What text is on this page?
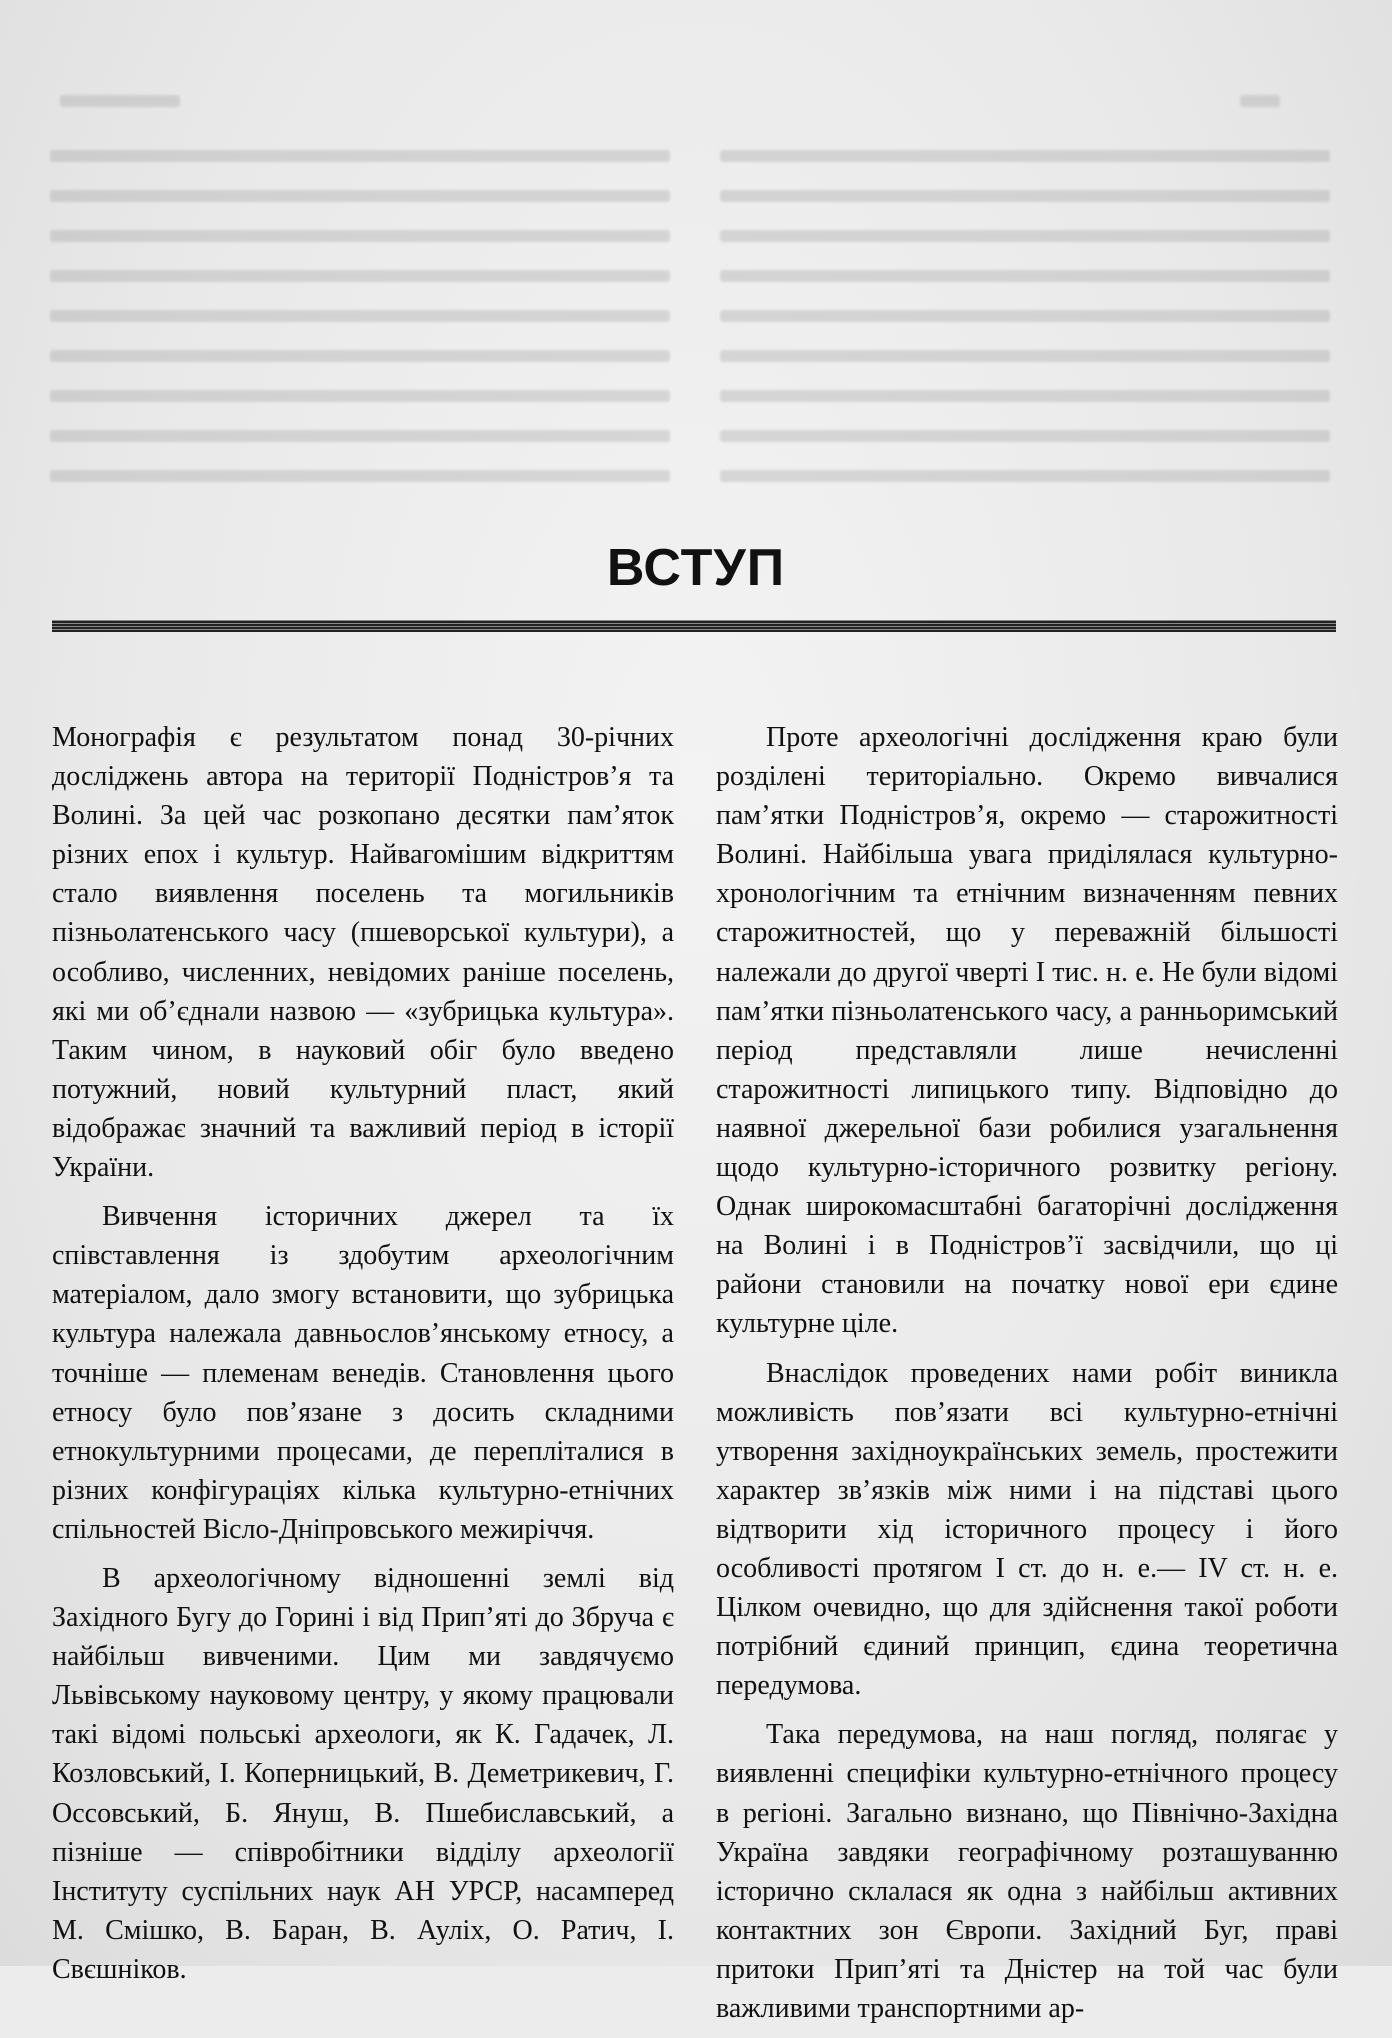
ВСТУП

Монографія є результатом понад 30-річних досліджень автора на території Подністров’я та Волині. За цей час розкопано десятки пам’яток різних епох і культур. Найвагомішим відкриттям стало виявлення поселень та могильників пізньолатенського часу (пшеворської культури), а особливо, численних, невідомих раніше поселень, які ми об’єднали назвою — «зубрицька культура». Таким чином, в науковий обіг було введено потужний, новий культурний пласт, який відображає значний та важливий період в історії України.

Вивчення історичних джерел та їх співставлення із здобутим археологічним матеріалом, дало змогу встановити, що зубрицька культура належала давньослов’янському етносу, а точніше — племенам венедів. Становлення цього етносу було пов’язане з досить складними етнокультурними процесами, де перепліталися в різних конфігураціях кілька культурно-етнічних спільностей Вісло-Дніпровського межиріччя.

В археологічному відношенні землі від Західного Бугу до Горині і від Прип’яті до Збруча є найбільш вивченими. Цим ми завдячуємо Львівському науковому центру, у якому працювали такі відомі польські археологи, як К. Гадачек, Л. Козловський, І. Коперницький, В. Деметрикевич, Г. Оссовський, Б. Януш, В. Пшебиславський, а пізніше — співробітники відділу археології Інституту суспільних наук АН УРСР, насамперед М. Смішко, В. Баран, В. Ауліх, О. Ратич, І. Свєшніков.

Проте археологічні дослідження краю були розділені територіально. Окремо вивчалися пам’ятки Подністров’я, окремо — старожитності Волині. Найбільша увага приділялася культурно-хронологічним та етнічним визначенням певних старожитностей, що у переважній більшості належали до другої чверті І тис. н. е. Не були відомі пам’ятки пізньолатенського часу, а ранньоримський період представляли лише нечисленні старожитності липицького типу. Відповідно до наявної джерельної бази робилися узагальнення щодо культурно-історичного розвитку регіону. Однак широкомасштабні багаторічні дослідження на Волині і в Подністров’ї засвідчили, що ці райони становили на початку нової ери єдине культурне ціле.

Внаслідок проведених нами робіт виникла можливість пов’язати всі культурно-етнічні утворення західноукраїнських земель, простежити характер зв’язків між ними і на підставі цього відтворити хід історичного процесу і його особливості протягом І ст. до н. е.— IV ст. н. е. Цілком очевидно, що для здійснення такої роботи потрібний єдиний принцип, єдина теоретична передумова.

Така передумова, на наш погляд, полягає у виявленні специфіки культурно-етнічного процесу в регіоні. Загально визнано, що Північно-Західна Україна завдяки географічному розташуванню історично склалася як одна з найбільш активних контактних зон Європи. Західний Буг, праві притоки Прип’яті та Дністер на той час були важливими транспортними ар-
